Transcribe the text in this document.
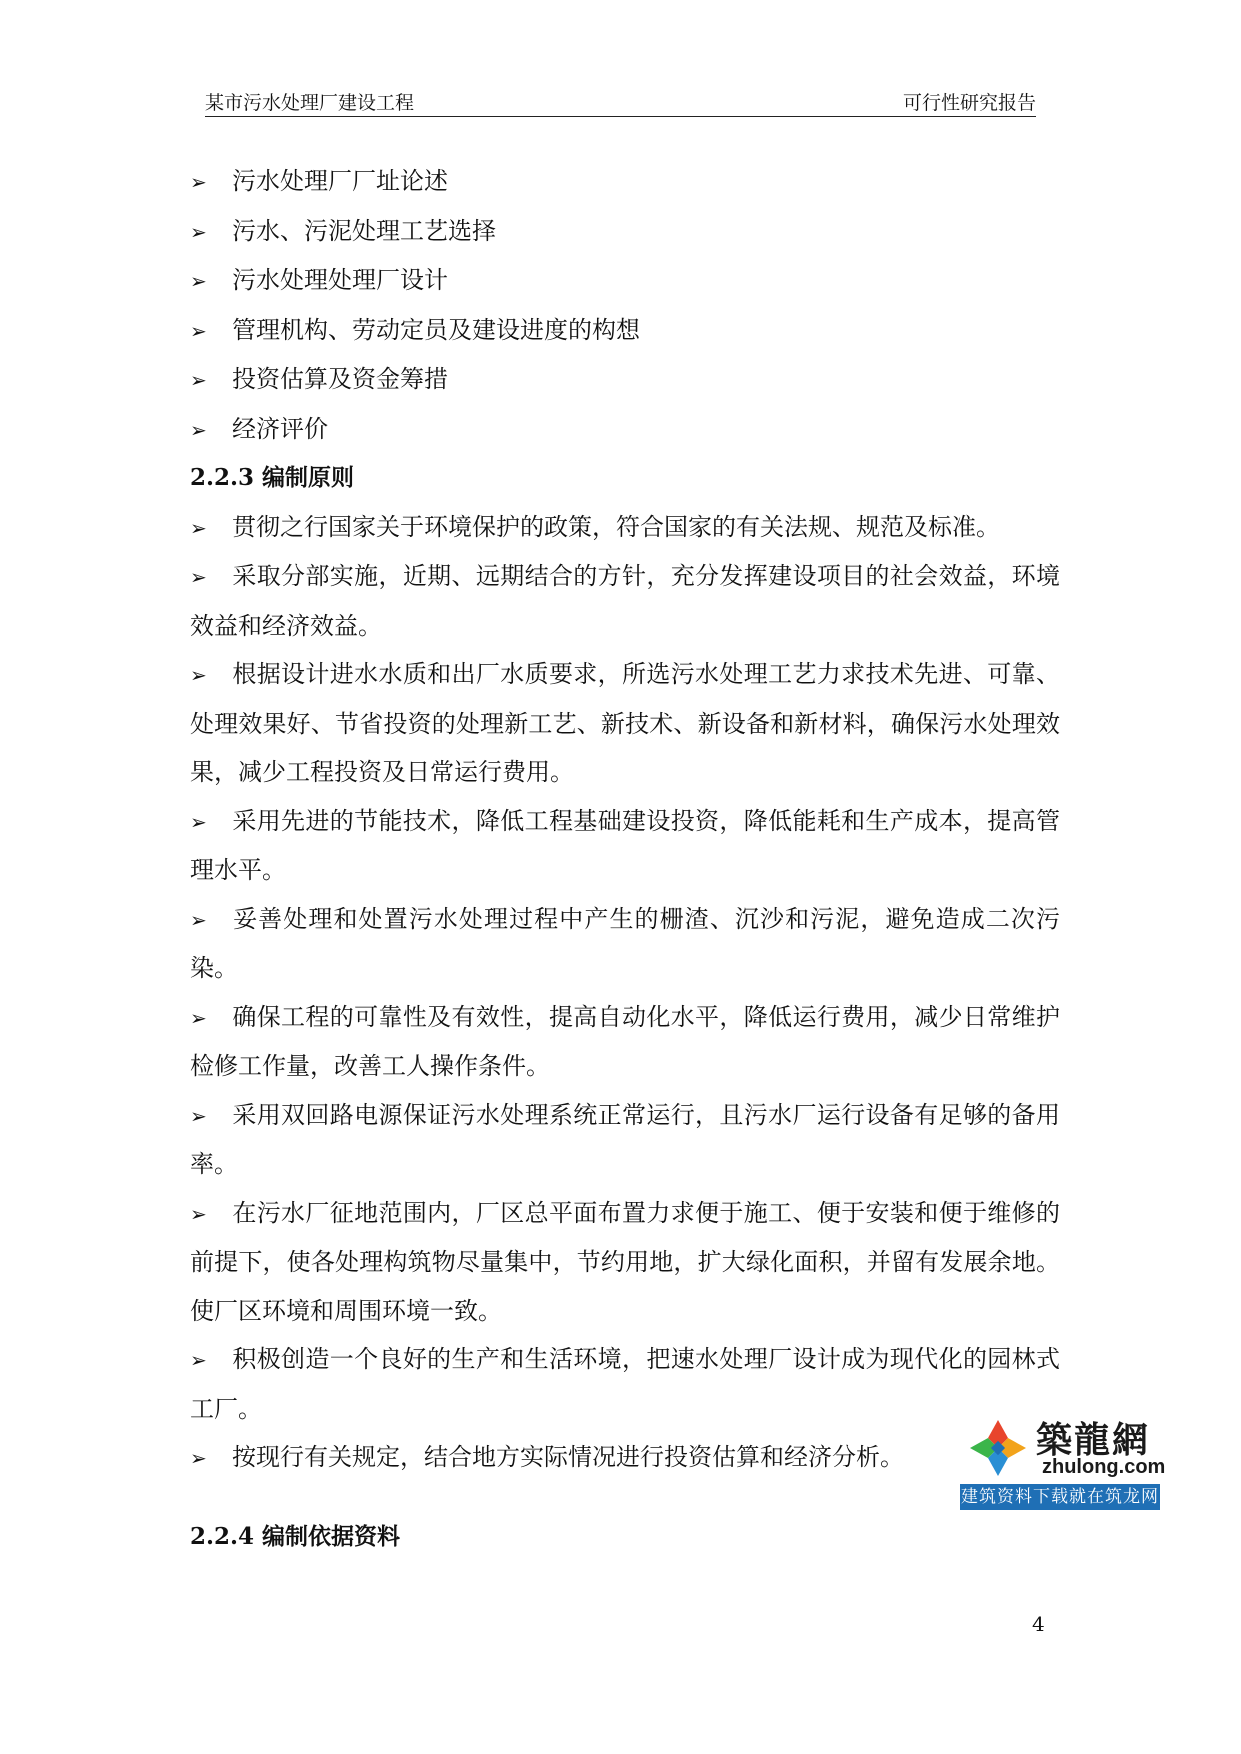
某市污水处理厂建设工程	可行性研究报告

➢ 污水处理厂厂址论述

➢ 污水、污泥处理工艺选择

➢ 污水处理处理厂设计

➢ 管理机构、劳动定员及建设进度的构想

➢ 投资估算及资金筹措

➢ 经济评价

2.2.3 编制原则

➢ 贯彻之行国家关于环境保护的政策，符合国家的有关法规、规范及标准。

➢ 采取分部实施，近期、远期结合的方针，充分发挥建设项目的社会效益，环境效益和经济效益。

➢ 根据设计进水水质和出厂水质要求，所选污水处理工艺力求技术先进、可靠、处理效果好、节省投资的处理新工艺、新技术、新设备和新材料，确保污水处理效果，减少工程投资及日常运行费用。

➢ 采用先进的节能技术，降低工程基础建设投资，降低能耗和生产成本，提高管理水平。

➢ 妥善处理和处置污水处理过程中产生的栅渣、沉沙和污泥，避免造成二次污染。

➢ 确保工程的可靠性及有效性，提高自动化水平，降低运行费用，减少日常维护检修工作量，改善工人操作条件。

➢ 采用双回路电源保证污水处理系统正常运行，且污水厂运行设备有足够的备用率。

➢ 在污水厂征地范围内，厂区总平面布置力求便于施工、便于安装和便于维修的前提下，使各处理构筑物尽量集中，节约用地，扩大绿化面积，并留有发展余地。使厂区环境和周围环境一致。

➢ 积极创造一个良好的生产和生活环境，把速水处理厂设计成为现代化的园林式工厂。

➢ 按现行有关规定，结合地方实际情况进行投资估算和经济分析。

2.2.4 编制依据资料
築龍網
zhulong.com
建筑资料下载就在筑龙网
4
